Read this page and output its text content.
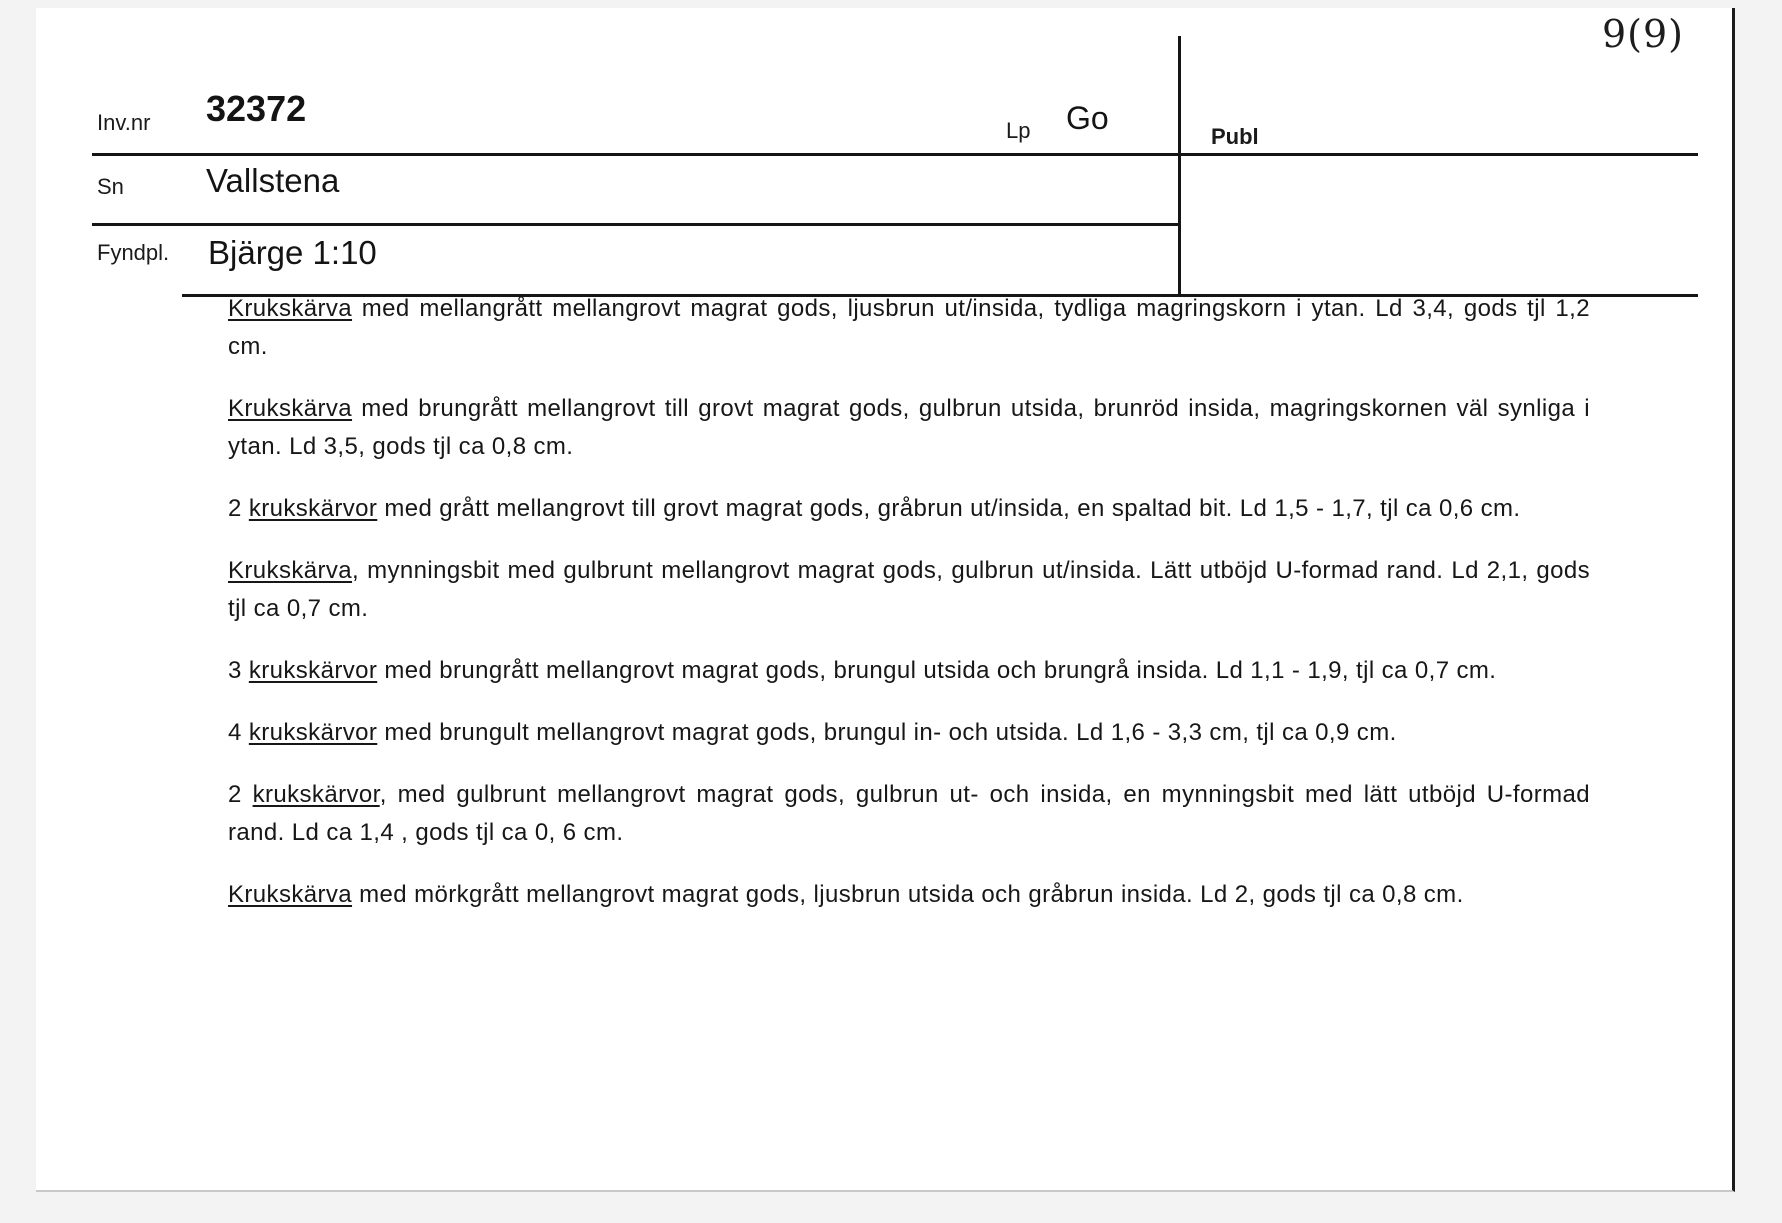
9(9)
Inv.nr 32372
Lp Go
Publ
Sn Vallstena
Fyndpl. Bjärge 1:10

Krukskärva med mellangrått mellangrovt magrat gods, ljusbrun ut/insida, tydliga magringskorn i ytan. Ld 3,4, gods tjl 1,2 cm.

Krukskärva med brungrått mellangrovt till grovt magrat gods, gulbrun utsida, brunröd insida, magringskornen väl synliga i ytan. Ld 3,5, gods tjl ca 0,8 cm.

2 krukskärvor med grått mellangrovt till grovt magrat gods, gråbrun ut/insida, en spaltad bit. Ld 1,5 - 1,7, tjl ca 0,6 cm.

Krukskärva, mynningsbit med gulbrunt mellangrovt magrat gods, gulbrun ut/insida. Lätt utböjd U-formad rand. Ld 2,1, gods tjl ca 0,7 cm.

3 krukskärvor med brungrått mellangrovt magrat gods, brungul utsida och brungrå insida. Ld 1,1 - 1,9, tjl ca 0,7 cm.

4 krukskärvor med brungult mellangrovt magrat gods, brungul in- och utsida. Ld 1,6 - 3,3 cm, tjl ca 0,9 cm.

2 krukskärvor, med gulbrunt mellangrovt magrat gods, gulbrun ut- och insida, en mynningsbit med lätt utböjd U-formad rand. Ld ca 1,4 , gods tjl ca 0, 6 cm.

Krukskärva med mörkgrått mellangrovt magrat gods, ljusbrun utsida och gråbrun insida. Ld 2, gods tjl ca 0,8 cm.
